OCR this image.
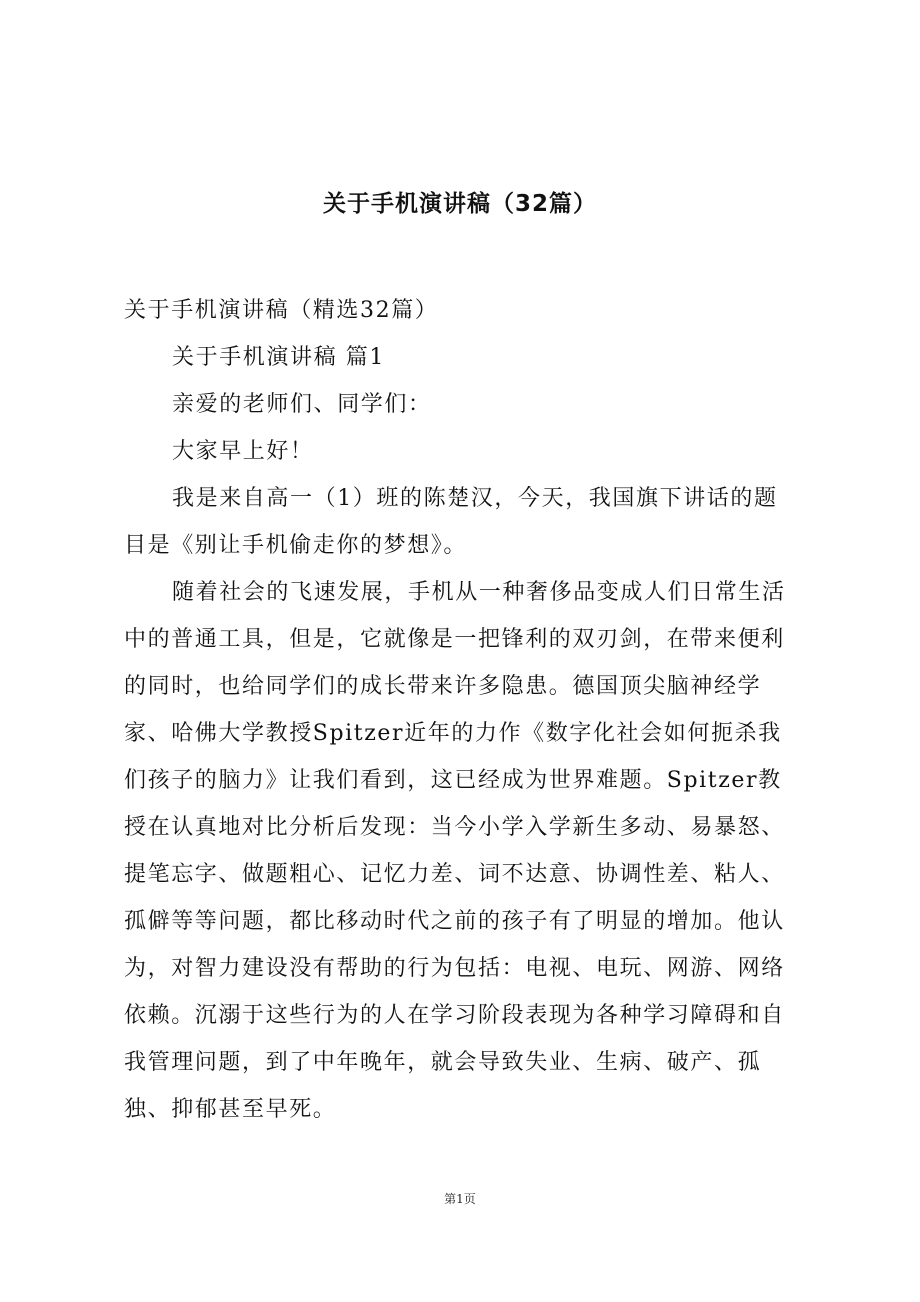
关于手机演讲稿（32篇）
关于手机演讲稿（精选32篇）
关于手机演讲稿 篇1
亲爱的老师们、同学们：
大家早上好！
我是来自高一（1）班的陈楚汉，今天，我国旗下讲话的题
目是《别让手机偷走你的梦想》。
随着社会的飞速发展，手机从一种奢侈品变成人们日常生活
中的普通工具，但是，它就像是一把锋利的双刃剑，在带来便利
的同时，也给同学们的成长带来许多隐患。德国顶尖脑神经学
家、哈佛大学教授Spitzer近年的力作《数字化社会如何扼杀我
们孩子的脑力》让我们看到，这已经成为世界难题。Spitzer教
授在认真地对比分析后发现：当今小学入学新生多动、易暴怒、
提笔忘字、做题粗心、记忆力差、词不达意、协调性差、粘人、
孤僻等等问题，都比移动时代之前的孩子有了明显的增加。他认
为，对智力建设没有帮助的行为包括：电视、电玩、网游、网络
依赖。沉溺于这些行为的人在学习阶段表现为各种学习障碍和自
我管理问题，到了中年晚年，就会导致失业、生病、破产、孤
独、抑郁甚至早死。
第1页
